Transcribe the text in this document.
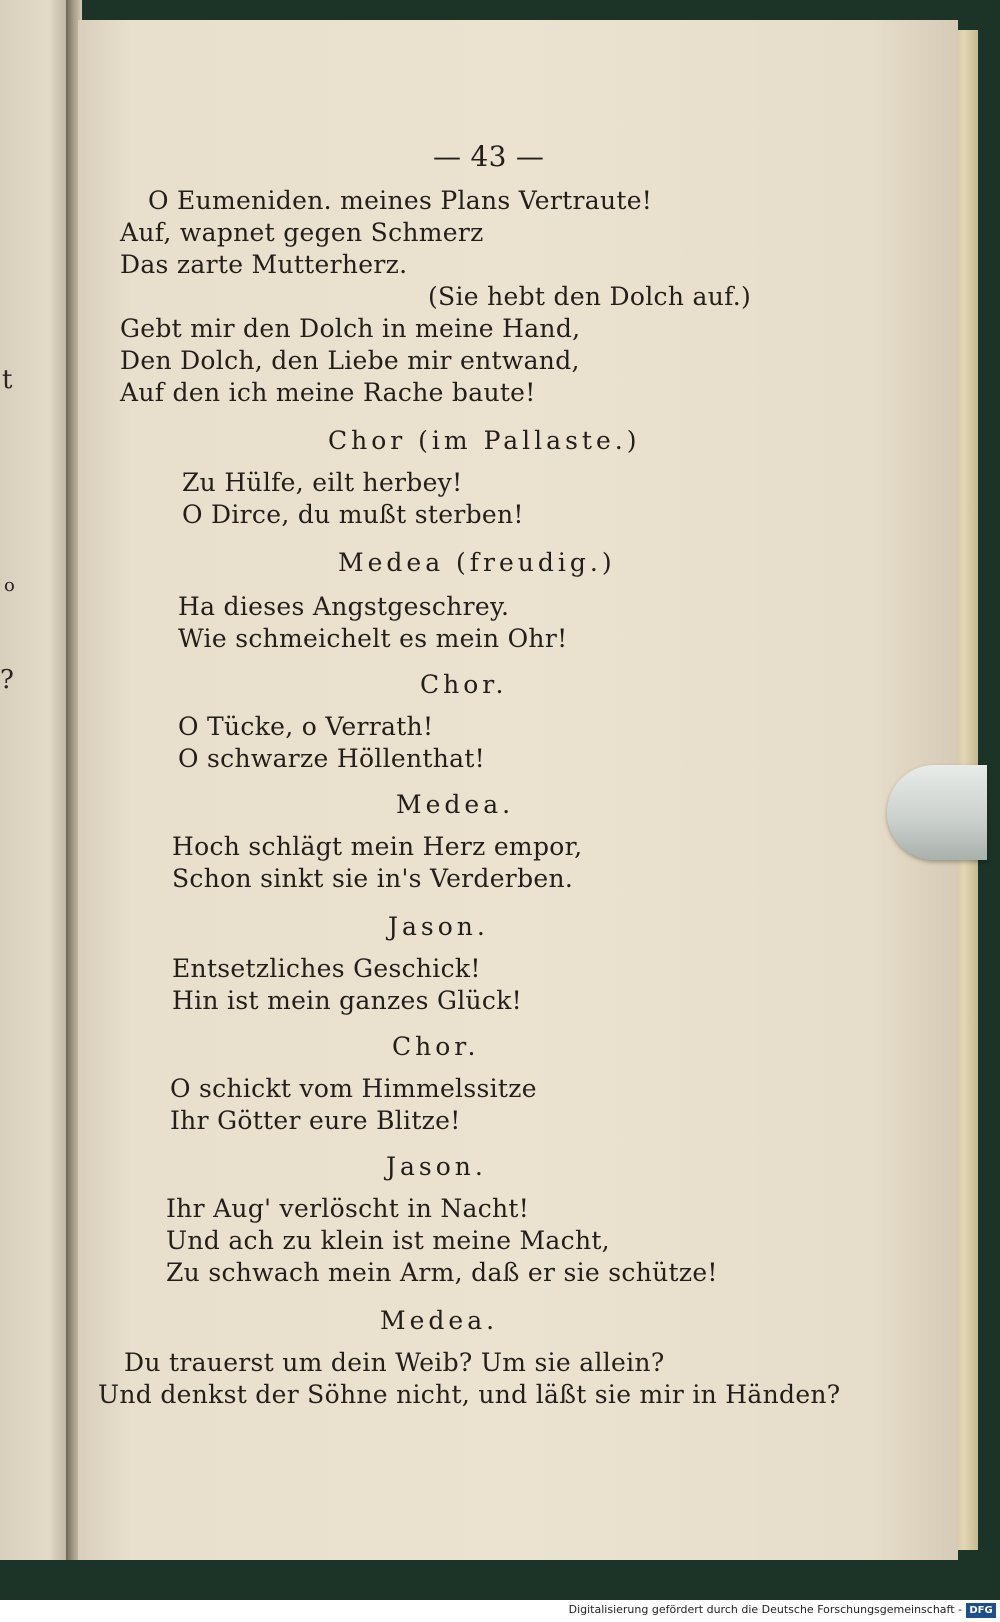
t
o
?
— 43 —
O Eumeniden. meines Plans Vertraute!
Auf, wapnet gegen Schmerz
Das zarte Mutterherz.
(Sie hebt den Dolch auf.)
Gebt mir den Dolch in meine Hand,
Den Dolch, den Liebe mir entwand,
Auf den ich meine Rache baute!
Chor (im Pallaste.)
Zu Hülfe, eilt herbey!
O Dirce, du mußt sterben!
Medea (freudig.)
Ha dieses Angstgeschrey.
Wie schmeichelt es mein Ohr!
Chor.
O Tücke, o Verrath!
O schwarze Höllenthat!
Medea.
Hoch schlägt mein Herz empor,
Schon sinkt sie in's Verderben.
Jason.
Entsetzliches Geschick!
Hin ist mein ganzes Glück!
Chor.
O schickt vom Himmelssitze
Ihr Götter eure Blitze!
Jason.
Ihr Aug' verlöscht in Nacht!
Und ach zu klein ist meine Macht,
Zu schwach mein Arm, daß er sie schütze!
Medea.
Du trauerst um dein Weib? Um sie allein?
Und denkst der Söhne nicht, und läßt sie mir in Händen?
Digitalisierung gefördert durch die Deutsche Forschungsgemeinschaft - DFG
